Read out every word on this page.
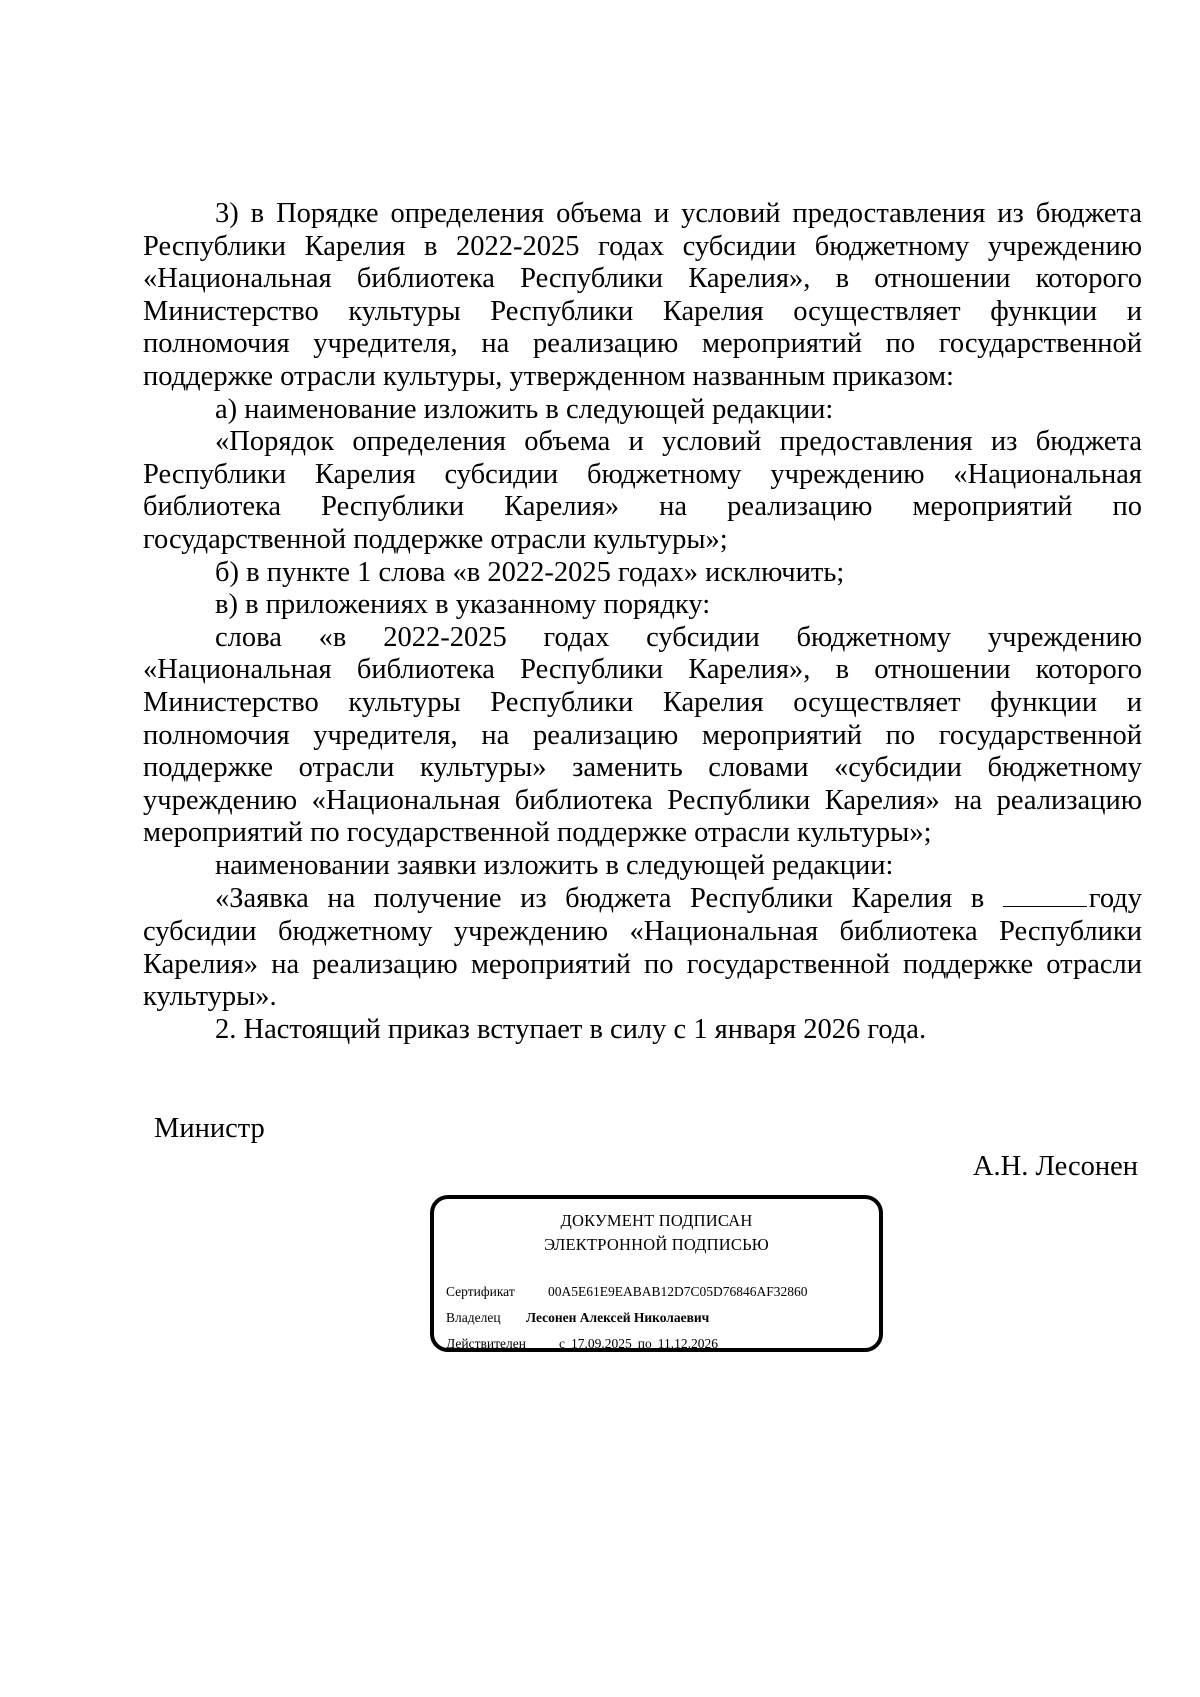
3) в Порядке определения объема и условий предоставления из бюджета Республики Карелия в 2022-2025 годах субсидии бюджетному учреждению «Национальная библиотека Республики Карелия», в отношении которого Министерство культуры Республики Карелия осуществляет функции и полномочия учредителя, на реализацию мероприятий по государственной поддержке отрасли культуры, утвержденном названным приказом:

а) наименование изложить в следующей редакции:

«Порядок определения объема и условий предоставления из бюджета Республики Карелия субсидии бюджетному учреждению «Национальная библиотека Республики Карелия» на реализацию мероприятий по государственной поддержке отрасли культуры»;

б) в пункте 1 слова «в 2022-2025 годах» исключить;

в) в приложениях в указанному порядку:

слова «в 2022-2025 годах субсидии бюджетному учреждению «Национальная библиотека Республики Карелия», в отношении которого Министерство культуры Республики Карелия осуществляет функции и полномочия учредителя, на реализацию мероприятий по государственной поддержке отрасли культуры» заменить словами «субсидии бюджетному учреждению «Национальная библиотека Республики Карелия» на реализацию мероприятий по государственной поддержке отрасли культуры»;

наименовании заявки изложить в следующей редакции:

«Заявка на получение из бюджета Республики Карелия в	году субсидии бюджетному учреждению «Национальная библиотека Республики Карелия» на реализацию мероприятий по государственной поддержке отрасли культуры».

2. Настоящий приказ вступает в силу с 1 января 2026 года.

Министр
А.Н. Лесонен
ДОКУМЕНТ ПОДПИСАН
ЭЛЕКТРОННОЙ ПОДПИСЬЮ
Сертификат 00A5E61E9EABAB12D7C05D76846AF32860
Владелец Лесонен Алексей Николаевич
Действителен с 17.09.2025 по 11.12.2026
